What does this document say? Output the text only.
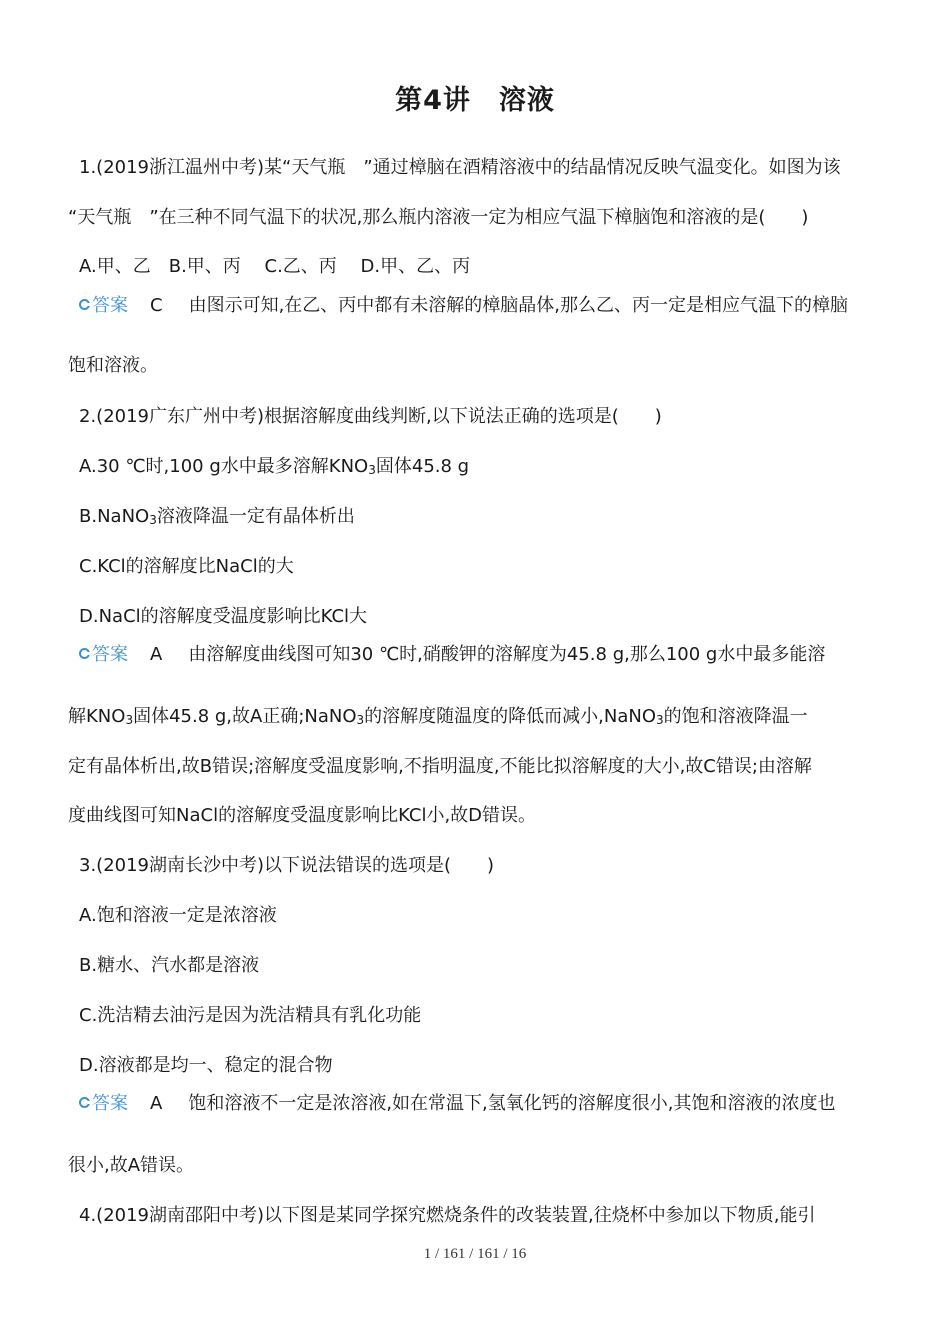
第4讲　溶液
1.(2019浙江温州中考)某“天气瓶　”通过樟脑在酒精溶液中的结晶情况反映气温变化。如图为该
“天气瓶　”在三种不同气温下的状况,那么瓶内溶液一定为相应气温下樟脑饱和溶液的是(　　)
A.甲、乙　B.甲、丙　 C.乙、丙　 D.甲、乙、丙
答案 C 由图示可知,在乙、丙中都有未溶解的樟脑晶体,那么乙、丙一定是相应气温下的樟脑
饱和溶液。
2.(2019广东广州中考)根据溶解度曲线判断,以下说法正确的选项是(　　)
A.30 ℃时,100 g水中最多溶解$KNO_3$固体45.8 g
B.NaNO$_3$溶液降温一定有晶体析出
C.KCl的溶解度比NaCl的大
D.NaCl的溶解度受温度影响比KCl大
答案 A 由溶解度曲线图可知30 ℃时,硝酸钾的溶解度为45.8 g,那么100 g水中最多能溶
解$KNO_3$固体45.8 g,故A正确;NaNO$_3$的溶解度随温度的降低而减小,NaNO$_3$的饱和溶液降温一
定有晶体析出,故B错误;溶解度受温度影响,不指明温度,不能比拟溶解度的大小,故C错误;由溶解
度曲线图可知NaCl的溶解度受温度影响比KCl小,故D错误。
3.(2019湖南长沙中考)以下说法错误的选项是(　　)
A.饱和溶液一定是浓溶液
B.糖水、汽水都是溶液
C.洗洁精去油污是因为洗洁精具有乳化功能
D.溶液都是均一、稳定的混合物
答案 A 饱和溶液不一定是浓溶液,如在常温下,氢氧化钙的溶解度很小,其饱和溶液的浓度也
很小,故A错误。
4.(2019湖南邵阳中考)以下图是某同学探究燃烧条件的改装装置,往烧杯中参加以下物质,能引
1 / 161 / 161 / 16
